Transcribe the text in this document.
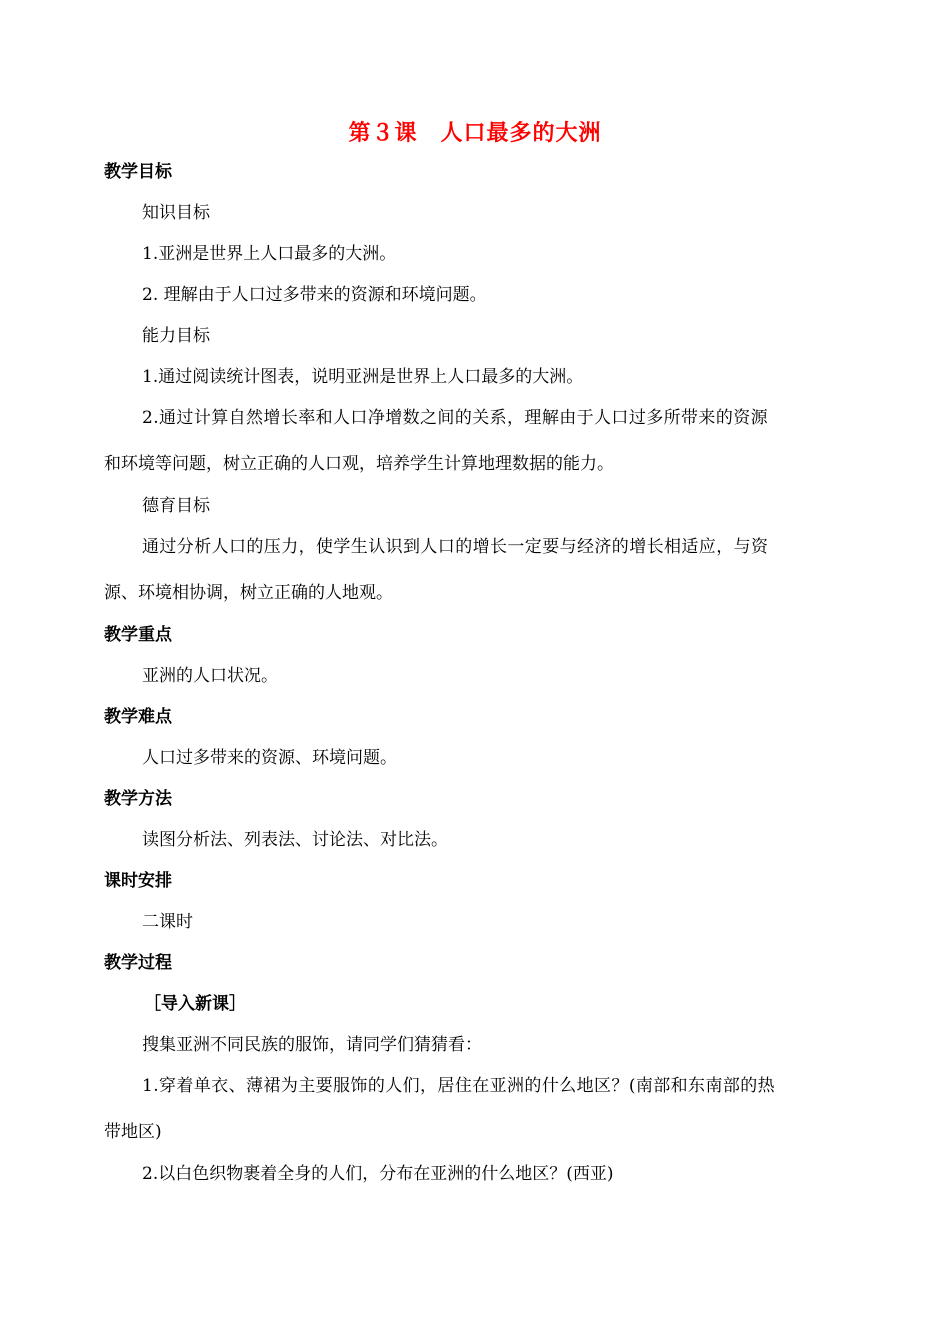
第３课　人口最多的大洲
教学目标
知识目标
1.亚洲是世界上人口最多的大洲。
2. 理解由于人口过多带来的资源和环境问题。
能力目标
1.通过阅读统计图表，说明亚洲是世界上人口最多的大洲。
2.通过计算自然增长率和人口净增数之间的关系，理解由于人口过多所带来的资源
和环境等问题，树立正确的人口观，培养学生计算地理数据的能力。
德育目标
通过分析人口的压力，使学生认识到人口的增长一定要与经济的增长相适应，与资
源、环境相协调，树立正确的人地观。
教学重点
亚洲的人口状况。
教学难点
人口过多带来的资源、环境问题。
教学方法
读图分析法、列表法、讨论法、对比法。
课时安排
二课时
教学过程
［导入新课］
搜集亚洲不同民族的服饰，请同学们猜猜看：
1.穿着单衣、薄裙为主要服饰的人们，居住在亚洲的什么地区？(南部和东南部的热
带地区)
2.以白色织物裹着全身的人们，分布在亚洲的什么地区？(西亚)
